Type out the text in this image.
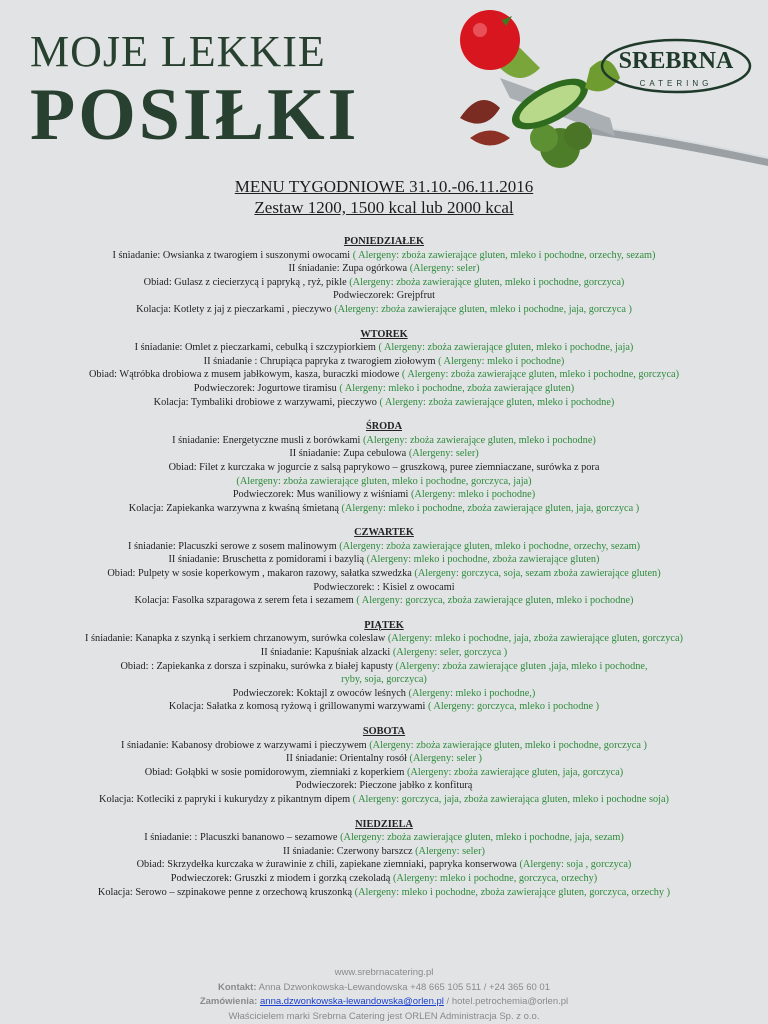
MOJE LEKKIE
POSIŁKI
SREBRNA
CATERING
MENU TYGODNIOWE 31.10.-06.11.2016
Zestaw 1200, 1500 kcal lub 2000 kcal
PONIEDZIAŁEK
I śniadanie: Owsianka z twarogiem i suszonymi owocami ( Alergeny: zboża zawierające gluten, mleko i pochodne, orzechy, sezam)
II śniadanie: Zupa ogórkowa (Alergeny: seler)
Obiad: Gulasz z ciecierzycą i papryką , ryż, pikle (Alergeny: zboża zawierające gluten, mleko i pochodne, gorczyca)
Podwieczorek: Grejpfrut
Kolacja: Kotlety z jaj z pieczarkami , pieczywo (Alergeny: zboża zawierające gluten, mleko i pochodne, jaja, gorczyca )
WTOREK
I śniadanie: Omlet z pieczarkami, cebulką i szczypiorkiem ( Alergeny: zboża zawierające gluten, mleko i pochodne, jaja)
II śniadanie : Chrupiąca papryka z twarogiem ziołowym ( Alergeny: mleko i pochodne)
Obiad: Wątróbka drobiowa z musem jabłkowym, kasza, buraczki miodowe ( Alergeny: zboża zawierające gluten, mleko i pochodne, gorczyca)
Podwieczorek: Jogurtowe tiramisu ( Alergeny: mleko i pochodne, zboża zawierające gluten)
Kolacja: Tymbaliki drobiowe z warzywami, pieczywo ( Alergeny: zboża zawierające gluten, mleko i pochodne)
ŚRODA
I śniadanie: Energetyczne musli z borówkami (Alergeny: zboża zawierające gluten, mleko i pochodne)
II śniadanie: Zupa cebulowa (Alergeny: seler)
Obiad: Filet z kurczaka w jogurcie z salsą paprykowo – gruszkową, puree ziemniaczane, surówka z pora
(Alergeny: zboża zawierające gluten, mleko i pochodne, gorczyca, jaja)
Podwieczorek: Mus waniliowy z wiśniami (Alergeny: mleko i pochodne)
Kolacja: Zapiekanka warzywna z kwaśną śmietaną (Alergeny: mleko i pochodne, zboża zawierające gluten, jaja, gorczyca )
CZWARTEK
I śniadanie: Placuszki serowe z sosem malinowym (Alergeny: zboża zawierające gluten, mleko i pochodne, orzechy, sezam)
II śniadanie: Bruschetta z pomidorami i bazylią (Alergeny: mleko i pochodne, zboża zawierające gluten)
Obiad: Pulpety w sosie koperkowym , makaron razowy, sałatka szwedzka (Alergeny: gorczyca, soja, sezam zboża zawierające gluten)
Podwieczorek: : Kisiel z owocami
Kolacja: Fasolka szparagowa z serem feta i sezamem ( Alergeny: gorczyca, zboża zawierające gluten, mleko i pochodne)
PIĄTEK
I śniadanie: Kanapka z szynką i serkiem chrzanowym, surówka coleslaw (Alergeny: mleko i pochodne, jaja, zboża zawierające gluten, gorczyca)
II śniadanie: Kapuśniak alzacki (Alergeny: seler, gorczyca )
Obiad: : Zapiekanka z dorsza i szpinaku, surówka z białej kapusty (Alergeny: zboża zawierające gluten ,jaja, mleko i pochodne,
ryby, soja, gorczyca)
Podwieczorek: Koktajl z owoców leśnych (Alergeny: mleko i pochodne,)
Kolacja: Sałatka z komosą ryżową i grillowanymi warzywami ( Alergeny: gorczyca, mleko i pochodne )
SOBOTA
I śniadanie: Kabanosy drobiowe z warzywami i pieczywem (Alergeny: zboża zawierające gluten, mleko i pochodne, gorczyca )
II śniadanie: Orientalny rosół (Alergeny: seler )
Obiad: Gołąbki w sosie pomidorowym, ziemniaki z koperkiem (Alergeny: zboża zawierające gluten, jaja, gorczyca)
Podwieczorek: Pieczone jabłko z konfiturą
Kolacja: Kotleciki z papryki i kukurydzy z pikantnym dipem ( Alergeny: gorczyca, jaja, zboża zawierająca gluten, mleko i pochodne soja)
NIEDZIELA
I śniadanie: : Placuszki bananowo – sezamowe (Alergeny: zboża zawierające gluten, mleko i pochodne, jaja, sezam)
II śniadanie: Czerwony barszcz (Alergeny: seler)
Obiad: Skrzydełka kurczaka w żurawinie z chili, zapiekane ziemniaki, papryka konserwowa (Alergeny: soja , gorczyca)
Podwieczorek: Gruszki z miodem i gorzką czekoladą (Alergeny: mleko i pochodne, gorczyca, orzechy)
Kolacja: Serowo – szpinakowe penne z orzechową kruszonką (Alergeny: mleko i pochodne, zboża zawierające gluten, gorczyca, orzechy )
www.srebrnacatering.pl
Kontakt: Anna Dzwonkowska-Lewandowska +48 665 105 511 / +24 365 60 01
Zamówienia: anna.dzwonkowska-lewandowska@orlen.pl / hotel.petrochemia@orlen.pl
Właścicielem marki Srebrna Catering jest ORLEN Administracja Sp. z o.o.
